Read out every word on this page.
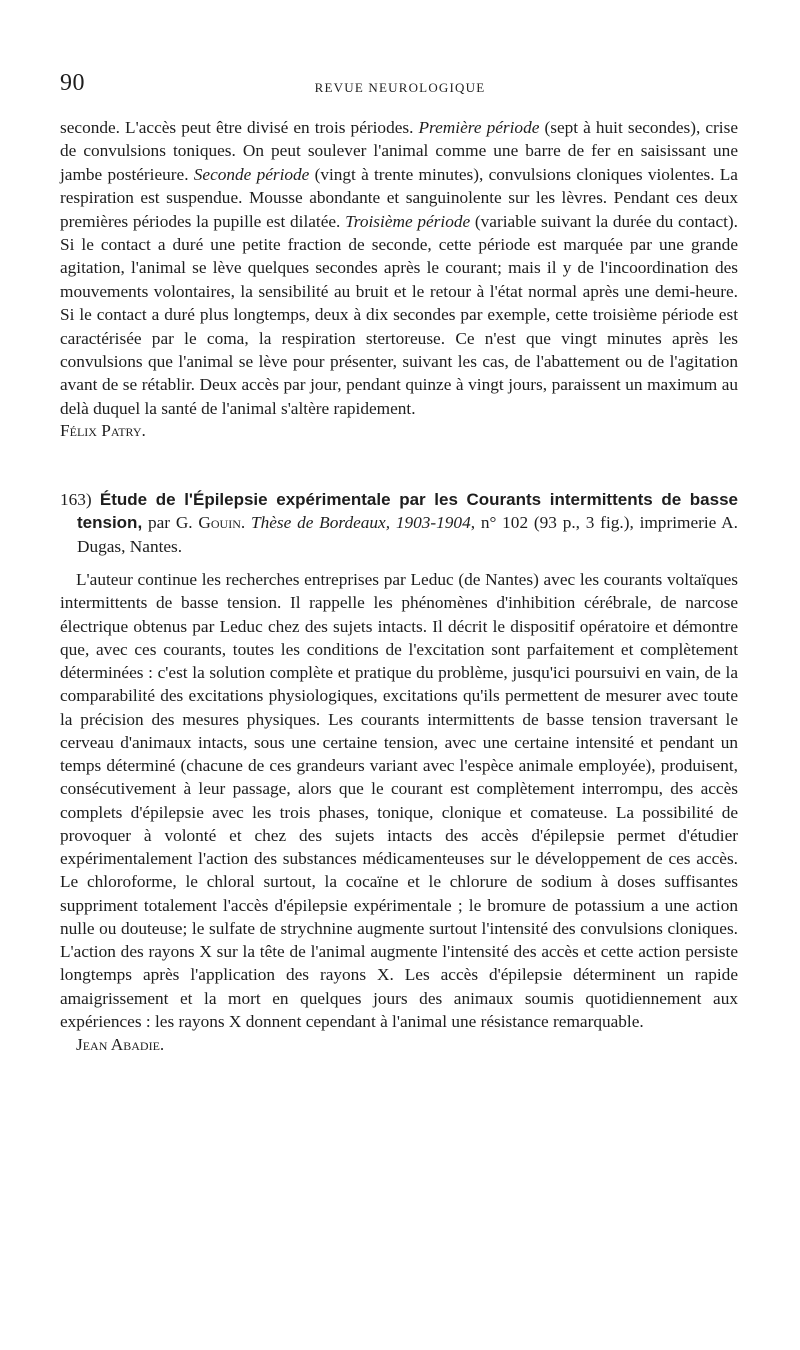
90	REVUE NEUROLOGIQUE

seconde. L'accès peut être divisé en trois périodes. Première période (sept à huit secondes), crise de convulsions toniques. On peut soulever l'animal comme une barre de fer en saisissant une jambe postérieure. Seconde période (vingt à trente minutes), convulsions cloniques violentes. La respiration est suspendue. Mousse abondante et sanguinolente sur les lèvres. Pendant ces deux premières périodes la pupille est dilatée. Troisième période (variable suivant la durée du contact). Si le contact a duré une petite fraction de seconde, cette période est marquée par une grande agitation, l'animal se lève quelques secondes après le courant; mais il y de l'incoordination des mouvements volontaires, la sensibilité au bruit et le retour à l'état normal après une demi-heure. Si le contact a duré plus longtemps, deux à dix secondes par exemple, cette troisième période est caractérisée par le coma, la respiration stertoreuse. Ce n'est que vingt minutes après les convulsions que l'animal se lève pour présenter, suivant les cas, de l'abattement ou de l'agitation avant de se rétablir. Deux accès par jour, pendant quinze à vingt jours, paraissent un maximum au delà duquel la santé de l'animal s'altère rapidement.

Félix Patry.

163) Étude de l'Épilepsie expérimentale par les Courants intermittents de basse tension, par G. Gouin. Thèse de Bordeaux, 1903-1904, n° 102 (93 p., 3 fig.), imprimerie A. Dugas, Nantes.

L'auteur continue les recherches entreprises par Leduc (de Nantes) avec les courants voltaïques intermittents de basse tension. Il rappelle les phénomènes d'inhibition cérébrale, de narcose électrique obtenus par Leduc chez des sujets intacts. Il décrit le dispositif opératoire et démontre que, avec ces courants, toutes les conditions de l'excitation sont parfaitement et complètement déterminées : c'est la solution complète et pratique du problème, jusqu'ici poursuivi en vain, de la comparabilité des excitations physiologiques, excitations qu'ils permettent de mesurer avec toute la précision des mesures physiques. Les courants intermittents de basse tension traversant le cerveau d'animaux intacts, sous une certaine tension, avec une certaine intensité et pendant un temps déterminé (chacune de ces grandeurs variant avec l'espèce animale employée), produisent, consécutivement à leur passage, alors que le courant est complètement interrompu, des accès complets d'épilepsie avec les trois phases, tonique, clonique et comateuse. La possibilité de provoquer à volonté et chez des sujets intacts des accès d'épilepsie permet d'étudier expérimentalement l'action des substances médicamenteuses sur le développement de ces accès. Le chloroforme, le chloral surtout, la cocaïne et le chlorure de sodium à doses suffisantes suppriment totalement l'accès d'épilepsie expérimentale ; le bromure de potassium a une action nulle ou douteuse; le sulfate de strychnine augmente surtout l'intensité des convulsions cloniques. L'action des rayons X sur la tête de l'animal augmente l'intensité des accès et cette action persiste longtemps après l'application des rayons X. Les accès d'épilepsie déterminent un rapide amaigrissement et la mort en quelques jours des animaux soumis quotidiennement aux expériences : les rayons X donnent cependant à l'animal une résistance remarquable.

Jean Abadie.
